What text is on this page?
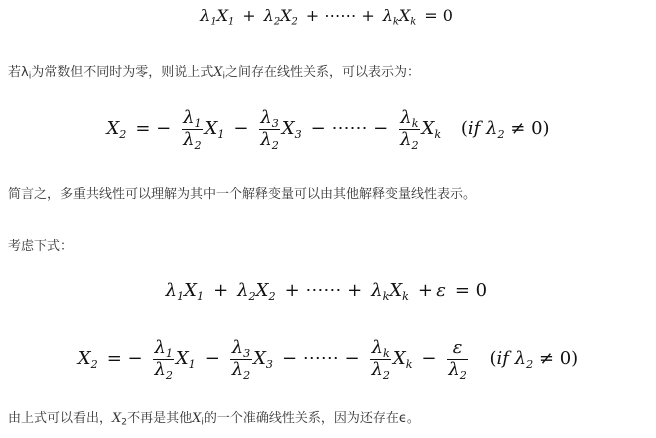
$\lambda_1X_1 + \lambda_2X_2$ + ⋯⋯ + $\lambda_kX_k = 0$
若$\lambda_i$为常数但不同时为零，则说上式$X_i$之间存在线性关系，可以表示为：
$X_2$ = − $\frac{\lambda_1}{\lambda_2} X_1 - \frac{\lambda_3}{\lambda_2} X_3$ − ⋯⋯ − $\frac{\lambda_k}{\lambda_2} X_k$ (if $\lambda_2 \ne 0$)
简言之，多重共线性可以理解为其中一个解释变量可以由其他解释变量线性表示。
考虑下式：
$\lambda_1X_1 + \lambda_2X_2$ + ⋯⋯ + $\lambda_kX_k + \varepsilon = 0$
$X_2$ = − $\frac{\lambda_1}{\lambda_2} X_1 - \frac{\lambda_3}{\lambda_2} X_3$ − ⋯⋯ − $\frac{\lambda_k}{\lambda_2} X_k - \frac{\varepsilon}{\lambda_2} (if$ $\lambda_2 \ne 0$)
由上式可以看出，$X_2$不再是其他$X_i$的一个准确线性关系，因为还存在ϵ。
